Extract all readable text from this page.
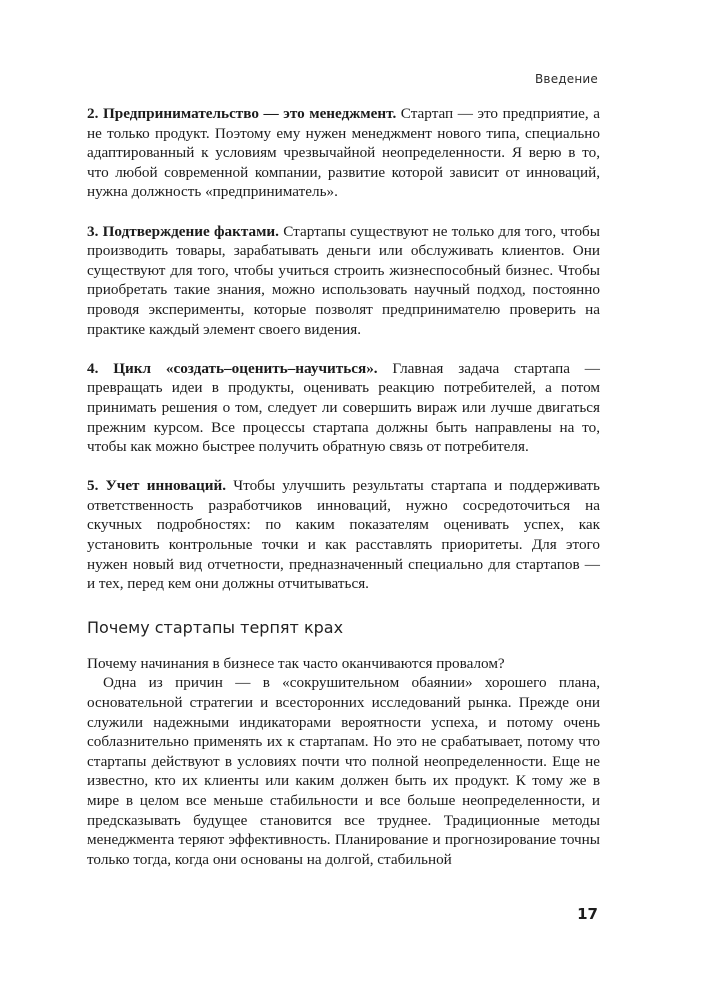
Введение

2. Предпринимательство — это менеджмент. Стартап — это предприятие, а не только продукт. Поэтому ему нужен менеджмент нового типа, специально адаптированный к условиям чрезвычайной неопределенности. Я верю в то, что любой современной компании, развитие которой зависит от инноваций, нужна должность «предприниматель».

3. Подтверждение фактами. Стартапы существуют не только для того, чтобы производить товары, зарабатывать деньги или обслуживать клиентов. Они существуют для того, чтобы учиться строить жизнеспособный бизнес. Чтобы приобретать такие знания, можно использовать научный подход, постоянно проводя эксперименты, которые позволят предпринимателю проверить на практике каждый элемент своего видения.

4. Цикл «создать–оценить–научиться». Главная задача стартапа — превращать идеи в продукты, оценивать реакцию потребителей, а потом принимать решения о том, следует ли совершить вираж или лучше двигаться прежним курсом. Все процессы стартапа должны быть направлены на то, чтобы как можно быстрее получить обратную связь от потребителя.

5. Учет инноваций. Чтобы улучшить результаты стартапа и поддерживать ответственность разработчиков инноваций, нужно сосредоточиться на скучных подробностях: по каким показателям оценивать успех, как установить контрольные точки и как расставлять приоритеты. Для этого нужен новый вид отчетности, предназначенный специально для стартапов — и тех, перед кем они должны отчитываться.

Почему стартапы терпят крах

Почему начинания в бизнесе так часто оканчиваются провалом?

Одна из причин — в «сокрушительном обаянии» хорошего плана, основательной стратегии и всесторонних исследований рынка. Прежде они служили надежными индикаторами вероятности успеха, и потому очень соблазнительно применять их к стартапам. Но это не срабатывает, потому что стартапы действуют в условиях почти что полной неопределенности. Еще не известно, кто их клиенты или каким должен быть их продукт. К тому же в мире в целом все меньше стабильности и все больше неопределенности, и предсказывать будущее становится все труднее. Традиционные методы менеджмента теряют эффективность. Планирование и прогнозирование точны только тогда, когда они основаны на долгой, стабильной

17
